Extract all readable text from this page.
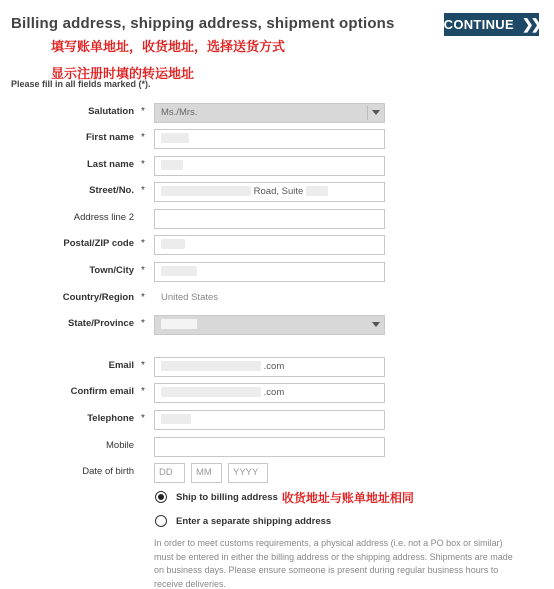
Billing address, shipping address, shipment options	CONTINUE ❯❯
填写账单地址，收货地址，选择送货方式
显示注册时填的转运地址
Please fill in all fields marked (*).
Salutation *	Ms./Mrs.
First name *
Last name *
Street/No. *	Road, Suite
Address line 2
Postal/ZIP code *
Town/City *
Country/Region * United States
State/Province *
Email *	.com
Confirm email *	.com
Telephone *
Mobile
Date of birth	DD	MM	YYYY
Ship to billing address 收货地址与账单地址相同
Enter a separate shipping address
In order to meet customs requirements, a physical address (i.e. not a PO box or similar) must be entered in either the billing address or the shipping address. Shipments are made on business days. Please ensure someone is present during regular business hours to receive deliveries.
